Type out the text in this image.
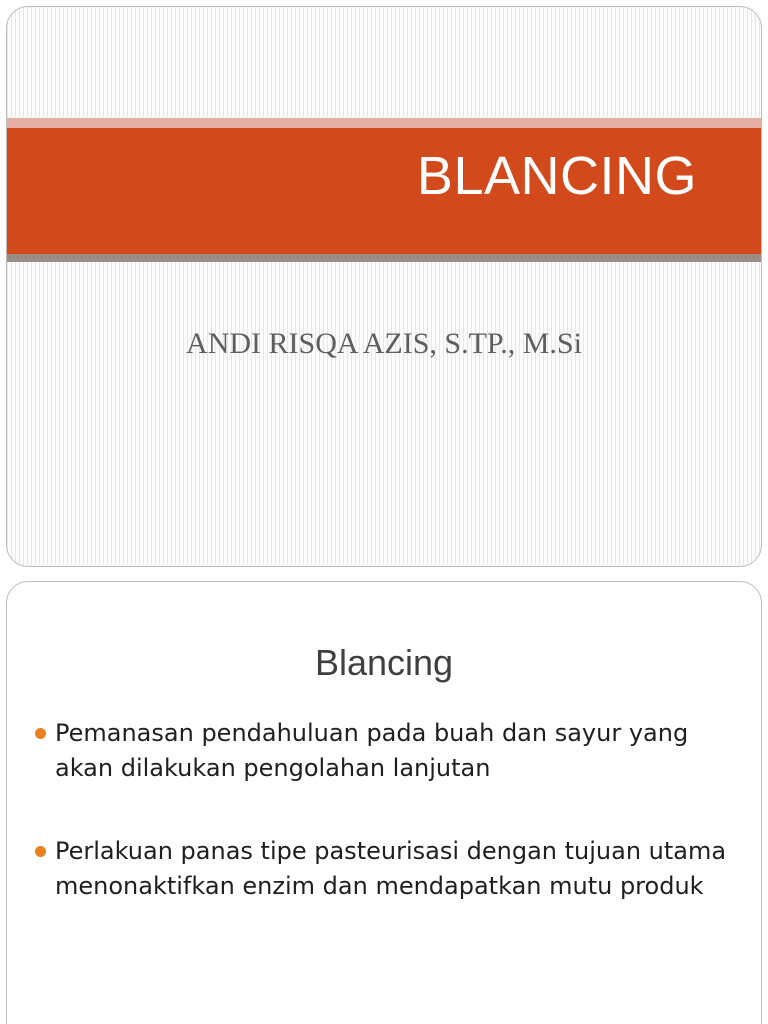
BLANCING
ANDI RISQA AZIS, S.TP., M.Si
Blancing
Pemanasan pendahuluan pada buah dan sayur yang akan dilakukan pengolahan lanjutan
Perlakuan panas tipe pasteurisasi dengan tujuan utama menonaktifkan enzim dan mendapatkan mutu produk
